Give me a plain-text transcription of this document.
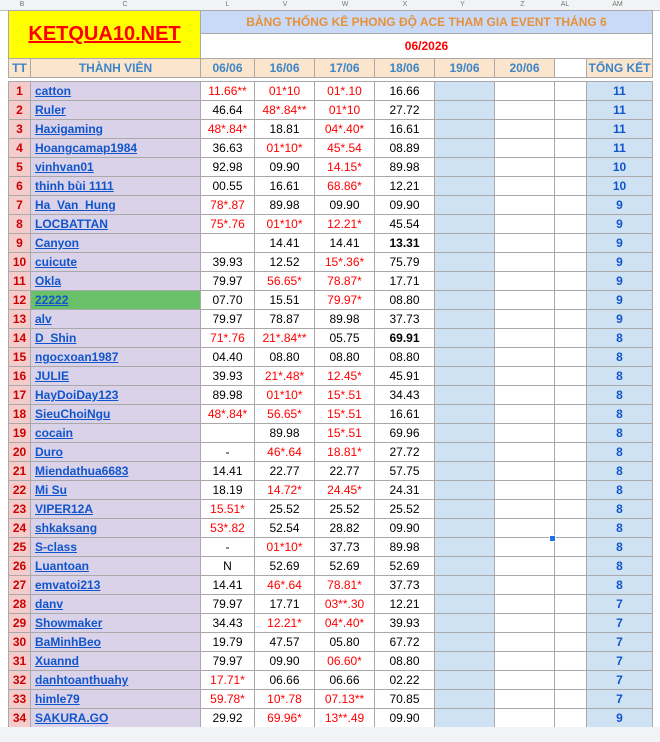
B	C	L	V	W	X	Y	Z	AL	AM
KETQUA10.NET		BẢNG THỐNG KÊ PHONG ĐỘ ACE THAM GIA EVENT THÁNG 6							
		06/2026							
TT	THÀNH VIÊN	06/06	16/06	17/06	18/06	19/06	20/06		TỔNG KẾT

1	catton	11.66**	01*10	01*.10	16.66				11
2	Ruler	46.64	48*.84**	01*10	27.72				11
3	Haxigaming	48*.84*	18.81	04*.40*	16.61				11
4	Hoangcamap1984	36.63	01*10*	45*.54	08.89				11
5	vinhvan01	92.98	09.90	14.15*	89.98				10
6	thinh bùi 1111	00.55	16.61	68.86*	12.21				10
7	Ha_Van_Hung	78*.87	89.98	09.90	09.90				9
8	LOCBATTAN	75*.76	01*10*	12.21*	45.54				9
9	Canyon		14.41	14.41	13.31				9
10	cuicute	39.93	12.52	15*.36*	75.79				9
11	Okla	79.97	56.65*	78.87*	17.71				9
12	22222	07.70	15.51	79.97*	08.80				9
13	alv	79.97	78.87	89.98	37.73				9
14	D_Shin	71*.76	21*.84**	05.75	69.91				8
15	ngocxoan1987	04.40	08.80	08.80	08.80				8
16	JULIE	39.93	21*.48*	12.45*	45.91				8
17	HayDoiDay123	89.98	01*10*	15*.51	34.43				8
18	SieuChoiNgu	48*.84*	56.65*	15*.51	16.61				8
19	cocain		89.98	15*.51	69.96				8
20	Duro	-	46*.64	18.81*	27.72				8
21	Miendathua6683	14.41	22.77	22.77	57.75				8
22	Mi Su	18.19	14.72*	24.45*	24.31				8
23	VIPER12A	15.51*	25.52	25.52	25.52				8
24	shkaksang	53*.82	52.54	28.82	09.90				8
25	S-class	-	01*10*	37.73	89.98				8
26	Luantoan	N	52.69	52.69	52.69				8
27	emvatoi213	14.41	46*.64	78.81*	37.73				8
28	danv	79.97	17.71	03**.30	12.21				7
29	Showmaker	34.43	12.21*	04*.40*	39.93				7
30	BaMinhBeo	19.79	47.57	05.80	67.72				7
31	Xuannd	79.97	09.90	06.60*	08.80				7
32	danhtoanthuahy	17.71*	06.66	06.66	02.22				7
33	himle79	59.78*	10*.78	07.13**	70.85				7
34	SAKURA.GO	29.92	69.96*	13**.49	09.90				9
